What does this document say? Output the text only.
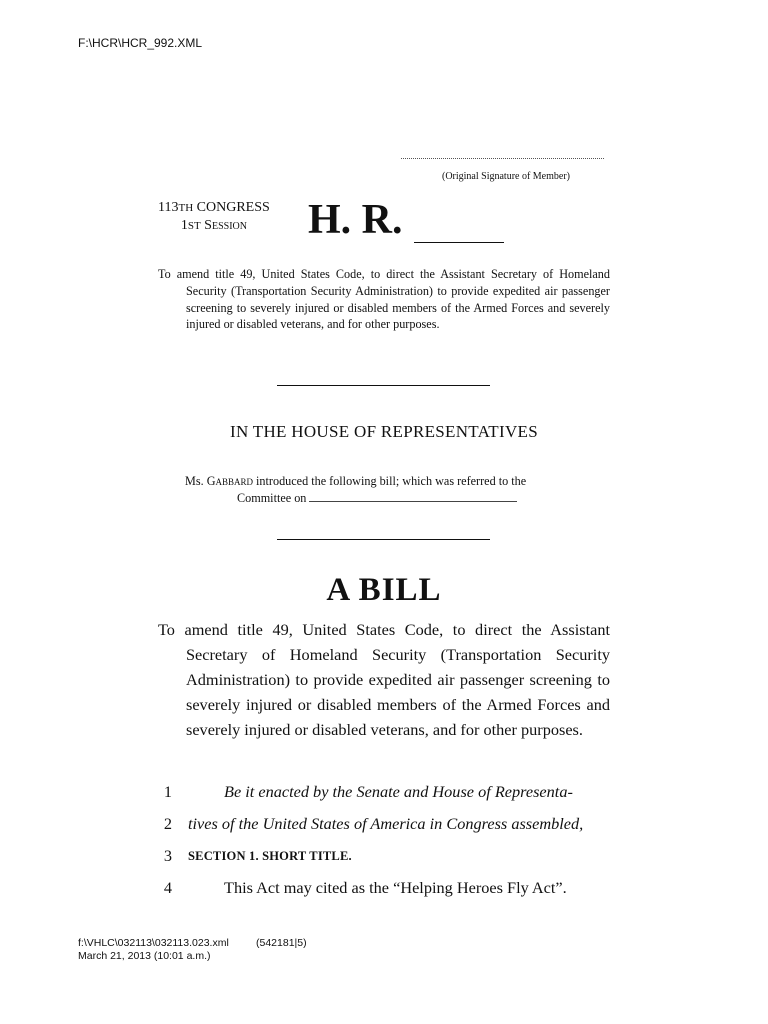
F:\HCR\HCR_992.XML
(Original Signature of Member)
113TH CONGRESS
1ST Session	H. R.

To amend title 49, United States Code, to direct the Assistant Secretary of Homeland Security (Transportation Security Administration) to provide expedited air passenger screening to severely injured or disabled members of the Armed Forces and severely injured or disabled veterans, and for other purposes.

IN THE HOUSE OF REPRESENTATIVES
Ms. Gabbard introduced the following bill; which was referred to the
Committee on
A BILL

To amend title 49, United States Code, to direct the Assistant Secretary of Homeland Security (Transportation Security Administration) to provide expedited air passenger screening to severely injured or disabled members of the Armed Forces and severely injured or disabled veterans, and for other purposes.

1	Be it enacted by the Senate and House of Representa-
2 tives of the United States of America in Congress assembled,
3	SECTION 1. SHORT TITLE.
4	This Act may cited as the “Helping Heroes Fly Act”.
f:\VHLC\032113\032113.023.xml	(542181|5)
March 21, 2013 (10:01 a.m.)
